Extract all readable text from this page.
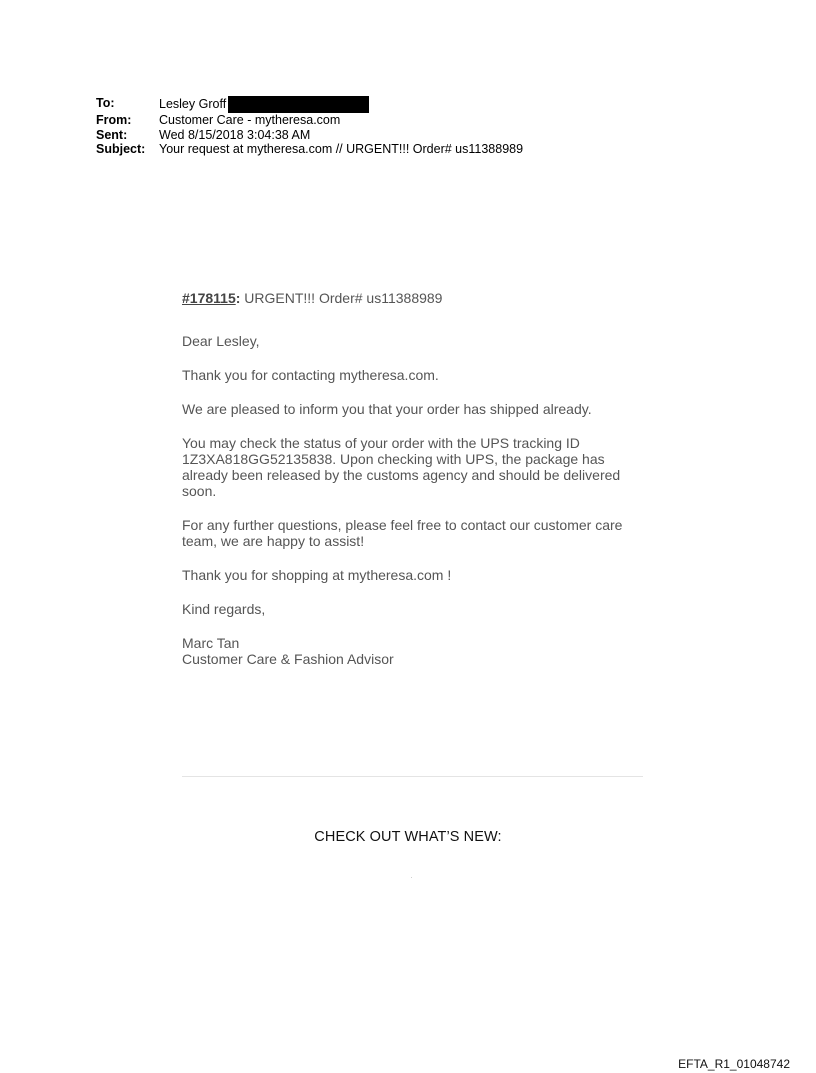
To:	Lesley Groff
From:	Customer Care - mytheresa.com
Sent:	Wed 8/15/2018 3:04:38 AM
Subject:	Your request at mytheresa.com // URGENT!!! Order# us11388989

#178115: URGENT!!! Order# us11388989

Dear Lesley,

Thank you for contacting mytheresa.com.

We are pleased to inform you that your order has shipped already.

You may check the status of your order with the UPS tracking ID 1Z3XA818GG52135838. Upon checking with UPS, the package has already been released by the customs agency and should be delivered soon.

For any further questions, please feel free to contact our customer care team, we are happy to assist!

Thank you for shopping at mytheresa.com !

Kind regards,

Marc Tan

Customer Care & Fashion Advisor

CHECK OUT WHAT’S NEW:
EFTA_R1_01048742
